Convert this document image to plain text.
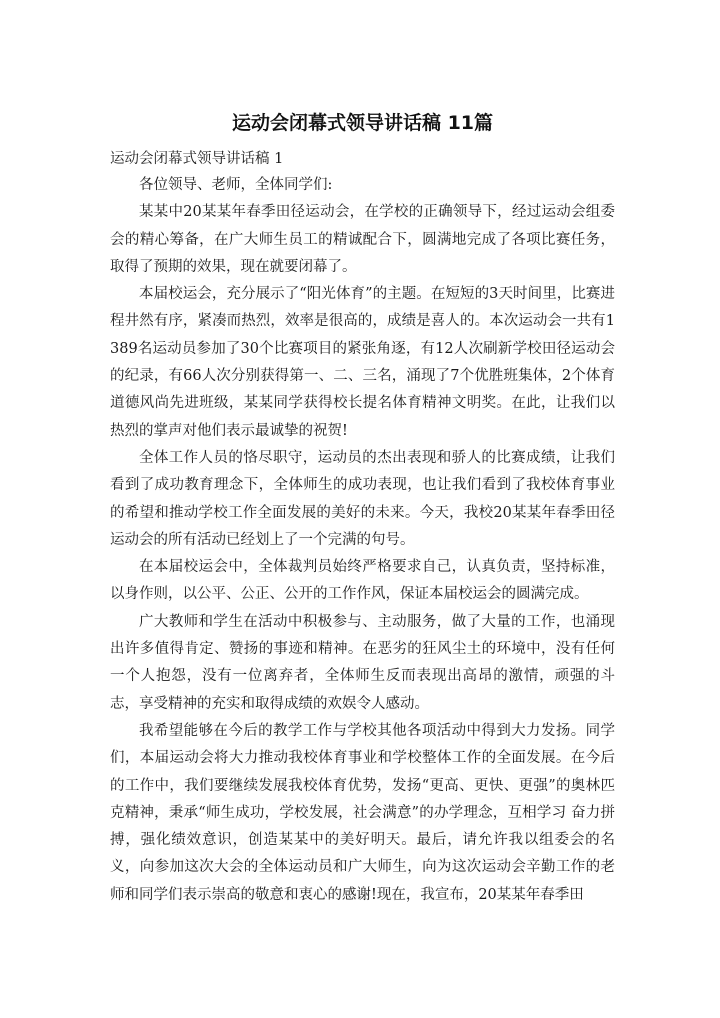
运动会闭幕式领导讲话稿 11篇

运动会闭幕式领导讲话稿 1

各位领导、老师，全体同学们:

某某中20某某年春季田径运动会，在学校的正确领导下，经过运动会组委会的精心筹备，在广大师生员工的精诚配合下，圆满地完成了各项比赛任务，取得了预期的效果，现在就要闭幕了。

本届校运会，充分展示了“阳光体育”的主题。在短短的3天时间里，比赛进程井然有序，紧凑而热烈，效率是很高的，成绩是喜人的。本次运动会一共有1389名运动员参加了30个比赛项目的紧张角逐，有12人次刷新学校田径运动会的纪录，有66人次分别获得第一、二、三名，涌现了7个优胜班集体，2个体育道德风尚先进班级，某某同学获得校长提名体育精神文明奖。在此，让我们以热烈的掌声对他们表示最诚挚的祝贺!

全体工作人员的恪尽职守，运动员的杰出表现和骄人的比赛成绩，让我们看到了成功教育理念下，全体师生的成功表现，也让我们看到了我校体育事业的希望和推动学校工作全面发展的美好的未来。今天，我校20某某年春季田径运动会的所有活动已经划上了一个完满的句号。

在本届校运会中，全体裁判员始终严格要求自己，认真负责，坚持标准，以身作则，以公平、公正、公开的工作作风，保证本届校运会的圆满完成。

广大教师和学生在活动中积极参与、主动服务，做了大量的工作，也涌现出许多值得肯定、赞扬的事迹和精神。在恶劣的狂风尘土的环境中，没有任何一个人抱怨，没有一位离弃者，全体师生反而表现出高昂的激情，顽强的斗志，享受精神的充实和取得成绩的欢娱令人感动。

我希望能够在今后的教学工作与学校其他各项活动中得到大力发扬。同学们，本届运动会将大力推动我校体育事业和学校整体工作的全面发展。在今后的工作中，我们要继续发展我校体育优势，发扬“更高、更快、更强”的奥林匹克精神，秉承“师生成功，学校发展，社会满意”的办学理念，互相学习 奋力拼搏，强化绩效意识，创造某某中的美好明天。最后，请允许我以组委会的名义，向参加这次大会的全体运动员和广大师生，向为这次运动会辛勤工作的老师和同学们表示崇高的敬意和衷心的感谢!现在，我宣布，20某某年春季田
